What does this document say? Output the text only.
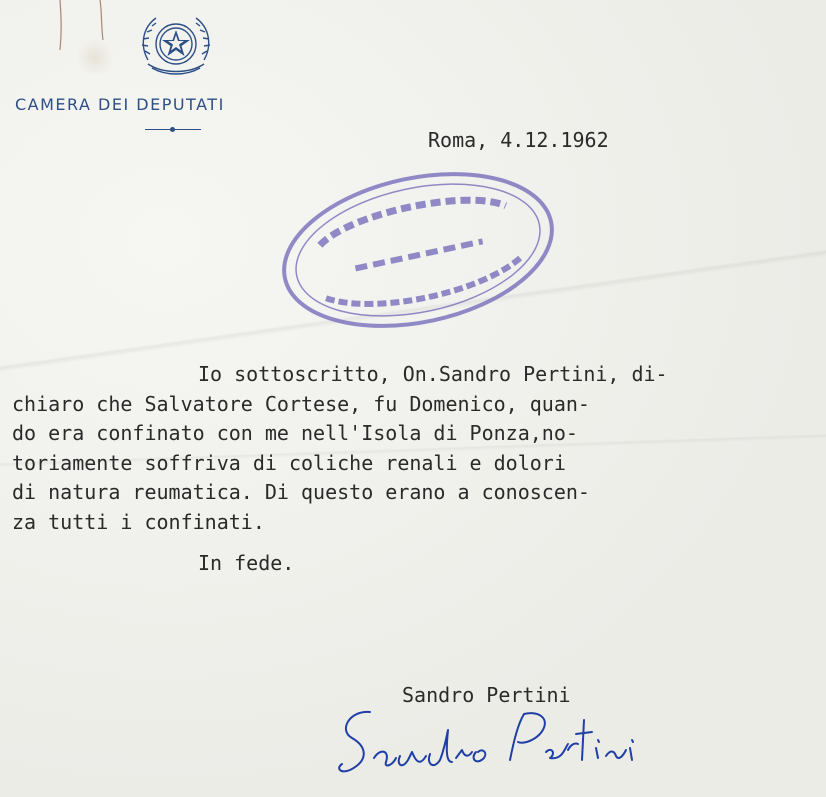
CAMERA DEI DEPUTATI
Roma, 4.12.1962
Io sottoscritto, On.Sandro Pertini, di-
chiaro che Salvatore Cortese, fu Domenico, quan-
do era confinato con me nell'Isola di Ponza,no-
toriamente soffriva di coliche renali e dolori
di natura reumatica. Di questo erano a conoscen-
za tutti i confinati.
In fede.
Sandro Pertini
